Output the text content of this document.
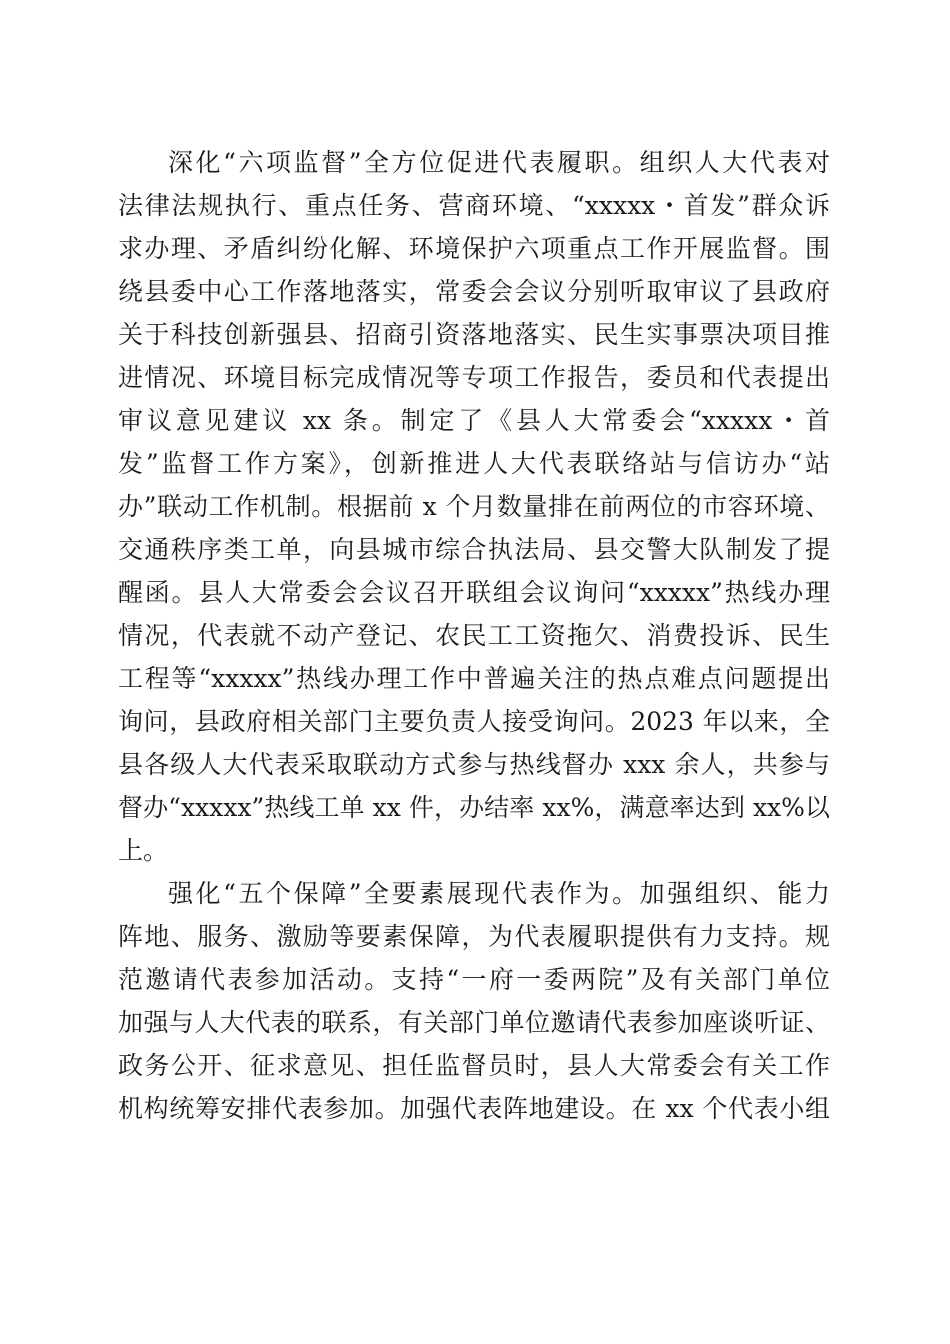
深化“六项监督”全方位促进代表履职。组织人大代表对
法律法规执行、重点任务、营商环境、“xxxxx・首发”群众诉
求办理、矛盾纠纷化解、环境保护六项重点工作开展监督。围
绕县委中心工作落地落实，常委会会议分别听取审议了县政府
关于科技创新强县、招商引资落地落实、民生实事票决项目推
进情况、环境目标完成情况等专项工作报告，委员和代表提出
审议意见建议 xx 条。制定了《县人大常委会“xxxxx・首
发”监督工作方案》，创新推进人大代表联络站与信访办“站
办”联动工作机制。根据前 x 个月数量排在前两位的市容环境、
交通秩序类工单，向县城市综合执法局、县交警大队制发了提
醒函。县人大常委会会议召开联组会议询问“xxxxx”热线办理
情况，代表就不动产登记、农民工工资拖欠、消费投诉、民生
工程等“xxxxx”热线办理工作中普遍关注的热点难点问题提出
询问，县政府相关部门主要负责人接受询问。2023 年以来，全
县各级人大代表采取联动方式参与热线督办 xxx 余人，共参与
督办“xxxxx”热线工单 xx 件，办结率 xx%，满意率达到 xx%以
上。
强化“五个保障”全要素展现代表作为。加强组织、能力
阵地、服务、激励等要素保障，为代表履职提供有力支持。规
范邀请代表参加活动。支持“一府一委两院”及有关部门单位
加强与人大代表的联系，有关部门单位邀请代表参加座谈听证、
政务公开、征求意见、担任监督员时，县人大常委会有关工作
机构统筹安排代表参加。加强代表阵地建设。在 xx 个代表小组
